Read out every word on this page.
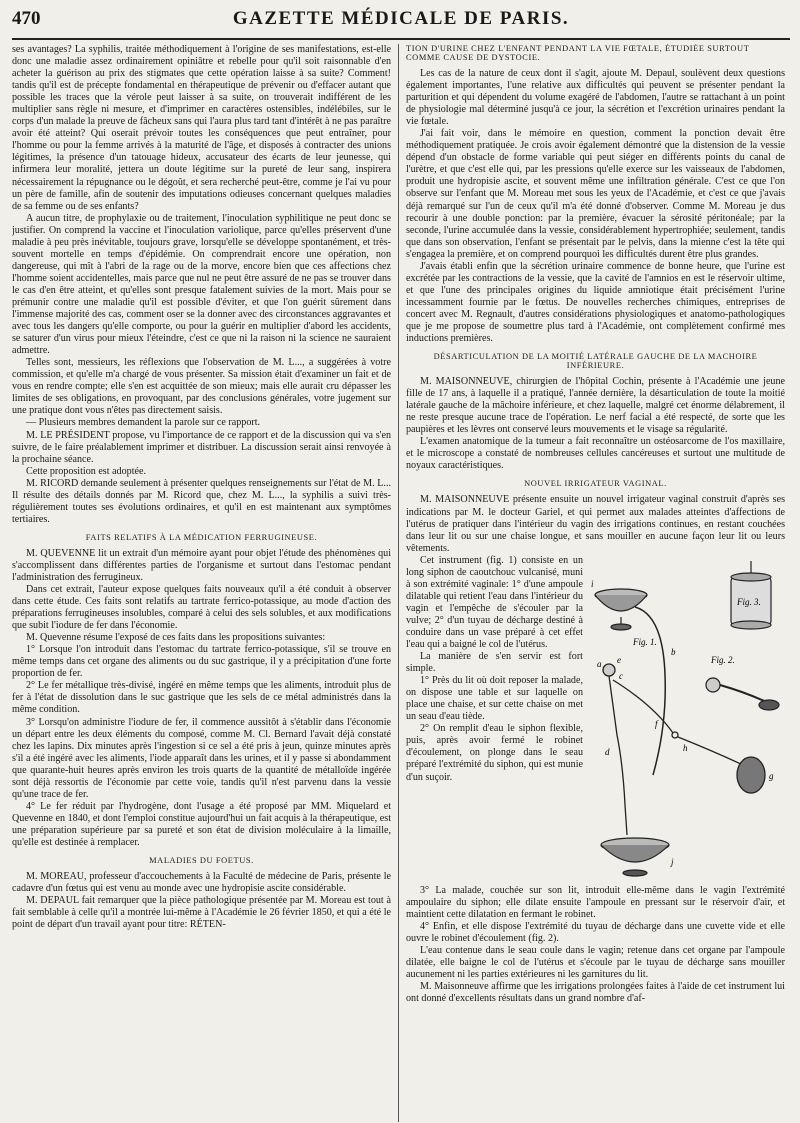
470	GAZETTE MÉDICALE DE PARIS.

ses avantages? La syphilis, traitée méthodiquement à l'origine de ses manifestations, est-elle donc une maladie assez ordinairement opiniâtre et rebelle pour qu'il soit raisonnable d'en acheter la guérison au prix des stigmates que cette opération laisse à sa suite? Comment! tandis qu'il est de précepte fondamental en thérapeutique de prévenir ou d'effacer autant que possible les traces que la vérole peut laisser à sa suite, on trouverait indifférent de les multiplier sans règle ni mesure, et d'imprimer en caractères ostensibles, indélébiles, sur le corps d'un malade la preuve de fâcheux sans qui l'aura plus tard tant d'intérêt à ne pas paraître avoir été atteint? Qui oserait prévoir toutes les conséquences que peut entraîner, pour l'homme ou pour la femme arrivés à la maturité de l'âge, et disposés à contracter des unions légitimes, la présence d'un tatouage hideux, accusateur des écarts de leur jeunesse, qui infirmera leur moralité, jettera un doute légitime sur la pureté de leur sang, inspirera nécessairement la répugnance ou le dégoût, et sera recherché peut-être, comme je l'ai vu pour un père de famille, afin de soutenir des imputations odieuses concernant quelques maladies de sa femme ou de ses enfants?

A aucun titre, de prophylaxie ou de traitement, l'inoculation syphilitique ne peut donc se justifier. On comprend la vaccine et l'inoculation variolique, parce qu'elles préservent d'une maladie à peu près inévitable, toujours grave, lorsqu'elle se développe spontanément, et très-souvent mortelle en temps d'épidémie. On comprendrait encore une opération, non dangereuse, qui mît à l'abri de la rage ou de la morve, encore bien que ces affections chez l'homme soient accidentelles, mais parce que nul ne peut être assuré de ne pas se trouver dans le cas d'en être atteint, et qu'elles sont presque fatalement suivies de la mort. Mais pour se prémunir contre une maladie qu'il est possible d'éviter, et que l'on guérit sûrement dans l'immense majorité des cas, comment oser se la donner avec des circonstances aggravantes et avec tous les dangers qu'elle comporte, ou pour la guérir en multiplier d'abord les accidents, se saturer d'un virus pour mieux l'éteindre, c'est ce que ni la raison ni la science ne sauraient admettre.

Telles sont, messieurs, les réflexions que l'observation de M. L..., a suggérées à votre commission, et qu'elle m'a chargé de vous présenter. Sa mission était d'examiner un fait et de vous en rendre compte; elle s'en est acquittée de son mieux; mais elle aurait cru dépasser les limites de ses obligations, en provoquant, par des conclusions générales, votre jugement sur une pratique dont vous n'êtes pas directement saisis.

— Plusieurs membres demandent la parole sur ce rapport.

M. LE PRÉSIDENT propose, vu l'importance de ce rapport et de la discussion qui va s'en suivre, de le faire préalablement imprimer et distribuer. La discussion serait ainsi renvoyée à la prochaine séance.

Cette proposition est adoptée.

M. RICORD demande seulement à présenter quelques renseignements sur l'état de M. L... Il résulte des détails donnés par M. Ricord que, chez M. L..., la syphilis a suivi très-régulièrement toutes ses évolutions ordinaires, et qu'il en est maintenant aux symptômes tertiaires.

FAITS RELATIFS À LA MÉDICATION FERRUGINEUSE.

M. QUEVENNE lit un extrait d'un mémoire ayant pour objet l'étude des phénomènes qui s'accomplissent dans différentes parties de l'organisme et surtout dans l'estomac pendant l'administration des ferrugineux.

Dans cet extrait, l'auteur expose quelques faits nouveaux qu'il a été conduit à observer dans cette étude. Ces faits sont relatifs au tartrate ferrico-potassique, au mode d'action des préparations ferrugineuses insolubles, comparé à celui des sels solubles, et aux modifications que subit l'iodure de fer dans l'économie.

M. Quevenne résume l'exposé de ces faits dans les propositions suivantes:

1° Lorsque l'on introduit dans l'estomac du tartrate ferrico-potassique, s'il se trouve en même temps dans cet organe des aliments ou du suc gastrique, il y a précipitation d'une forte proportion de fer.

2° Le fer métallique très-divisé, ingéré en même temps que les aliments, introduit plus de fer à l'état de dissolution dans le suc gastrique que les sels de ce métal administrés dans la même condition.

3° Lorsqu'on administre l'iodure de fer, il commence aussitôt à s'établir dans l'économie un départ entre les deux éléments du composé, comme M. Cl. Bernard l'avait déjà constaté chez les lapins. Dix minutes après l'ingestion si ce sel a été pris à jeun, quinze minutes après s'il a été ingéré avec les aliments, l'iode apparaît dans les urines, et il y passe si abondamment que quarante-huit heures après environ les trois quarts de la quantité de métalloïde ingérée sont déjà ressortis de l'économie par cette voie, tandis qu'il n'est parvenu dans la vessie qu'une trace de fer.

4° Le fer réduit par l'hydrogène, dont l'usage a été proposé par MM. Miquelard et Quevenne en 1840, et dont l'emploi constitue aujourd'hui un fait acquis à la thérapeutique, est une préparation supérieure par sa pureté et son état de division moléculaire à la limaille, qu'elle est destinée à remplacer.

MALADIES DU FOETUS.

M. MOREAU, professeur d'accouchements à la Faculté de médecine de Paris, présente le cadavre d'un fœtus qui est venu au monde avec une hydropisie ascite considérable.

M. DEPAUL fait remarquer que la pièce pathologique présentée par M. Moreau est tout à fait semblable à celle qu'il a montrée lui-même à l'Académie le 26 février 1850, et qui a été le point de départ d'un travail ayant pour titre: RÉTEN-

TION D'URINE CHEZ L'ENFANT PENDANT LA VIE FŒTALE, ÉTUDIÉE SURTOUT COMME CAUSE DE DYSTOCIE.

Les cas de la nature de ceux dont il s'agit, ajoute M. Depaul, soulèvent deux questions également importantes, l'une relative aux difficultés qui peuvent se présenter pendant la parturition et qui dépendent du volume exagéré de l'abdomen, l'autre se rattachant à un point de physiologie mal déterminé jusqu'à ce jour, la sécrétion et l'excrétion urinaires pendant la vie fœtale.

J'ai fait voir, dans le mémoire en question, comment la ponction devait être méthodiquement pratiquée. Je crois avoir également démontré que la distension de la vessie dépend d'un obstacle de forme variable qui peut siéger en différents points du canal de l'urètre, et que c'est elle qui, par les pressions qu'elle exerce sur les vaisseaux de l'abdomen, produit une hydropisie ascite, et souvent même une infiltration générale. C'est ce que l'on observe sur l'enfant que M. Moreau met sous les yeux de l'Académie, et c'est ce que j'avais déjà remarqué sur l'un de ceux qu'il m'a été donné d'observer. Comme M. Moreau je dus recourir à une double ponction: par la première, évacuer la sérosité péritonéale; par la seconde, l'urine accumulée dans la vessie, considérablement hypertrophiée; seulement, tandis que dans son observation, l'enfant se présentait par le pelvis, dans la mienne c'est la tête qui s'engagea la première, et on comprend pourquoi les difficultés durent être plus grandes.

J'avais établi enfin que la sécrétion urinaire commence de bonne heure, que l'urine est excrétée par les contractions de la vessie, que la cavité de l'amnios en est le réservoir ultime, et que l'une des principales origines du liquide amniotique était précisément l'urine incessamment fournie par le fœtus. De nouvelles recherches chimiques, entreprises de concert avec M. Regnault, d'autres considérations physiologiques et anatomo-pathologiques que je me propose de soumettre plus tard à l'Académie, ont complètement confirmé mes inductions premières.

DÉSARTICULATION DE LA MOITIÉ LATÉRALE GAUCHE DE LA MACHOIRE INFÉRIEURE.

M. MAISONNEUVE, chirurgien de l'hôpital Cochin, présente à l'Académie une jeune fille de 17 ans, à laquelle il a pratiqué, l'année dernière, la désarticulation de toute la moitié latérale gauche de la mâchoire inférieure, et chez laquelle, malgré cet énorme délabrement, il ne reste presque aucune trace de l'opération. Le nerf facial a été respecté, de sorte que les paupières et les lèvres ont conservé leurs mouvements et le visage sa régularité.

L'examen anatomique de la tumeur a fait reconnaître un ostéosarcome de l'os maxillaire, et le microscope a constaté de nombreuses cellules cancéreuses et surtout une multitude de noyaux caractéristiques.

NOUVEL IRRIGATEUR VAGINAL.

M. MAISONNEUVE présente ensuite un nouvel irrigateur vaginal construit d'après ses indications par M. le docteur Gariel, et qui permet aux malades atteintes d'affections de l'utérus de pratiquer dans l'intérieur du vagin des irrigations continues, en restant couchées dans leur lit ou sur une chaise longue, et sans mouiller en aucune façon leur lit ou leurs vêtements.

Cet instrument (fig. 1) consiste en un long siphon de caoutchouc vulcanisé, muni à son extrémité vaginale: 1° d'une ampoule dilatable qui retient l'eau dans l'intérieur du vagin et l'empêche de s'écouler par la vulve; 2° d'un tuyau de décharge destiné à conduire dans un vase préparé à cet effet l'eau qui a baigné le col de l'utérus.

La manière de s'en servir est fort simple.

1° Près du lit où doit reposer la malade, on dispose une table et sur laquelle on place une chaise, et sur cette chaise on met un seau d'eau tiède.

2° On remplit d'eau le siphon flexible, puis, après avoir fermé le robinet d'écoulement, on plonge dans le seau préparé l'extrémité du siphon, qui est munie d'un suçoir.

Fig. 3.
Fig. 1.
Fig. 2.
i
b
a e
c
d
f
h
g
j

3° La malade, couchée sur son lit, introduit elle-même dans le vagin l'extrémité ampoulaire du siphon; elle dilate ensuite l'ampoule en pressant sur le réservoir d'air, et maintient cette dilatation en fermant le robinet.

4° Enfin, et elle dispose l'extrémité du tuyau de décharge dans une cuvette vide et elle ouvre le robinet d'écoulement (fig. 2).

L'eau contenue dans le seau coule dans le vagin; retenue dans cet organe par l'ampoule dilatée, elle baigne le col de l'utérus et s'écoule par le tuyau de décharge sans mouiller aucunement ni les parties extérieures ni les garnitures du lit.

M. Maisonneuve affirme que les irrigations prolongées faites à l'aide de cet instrument lui ont donné d'excellents résultats dans un grand nombre d'af-
